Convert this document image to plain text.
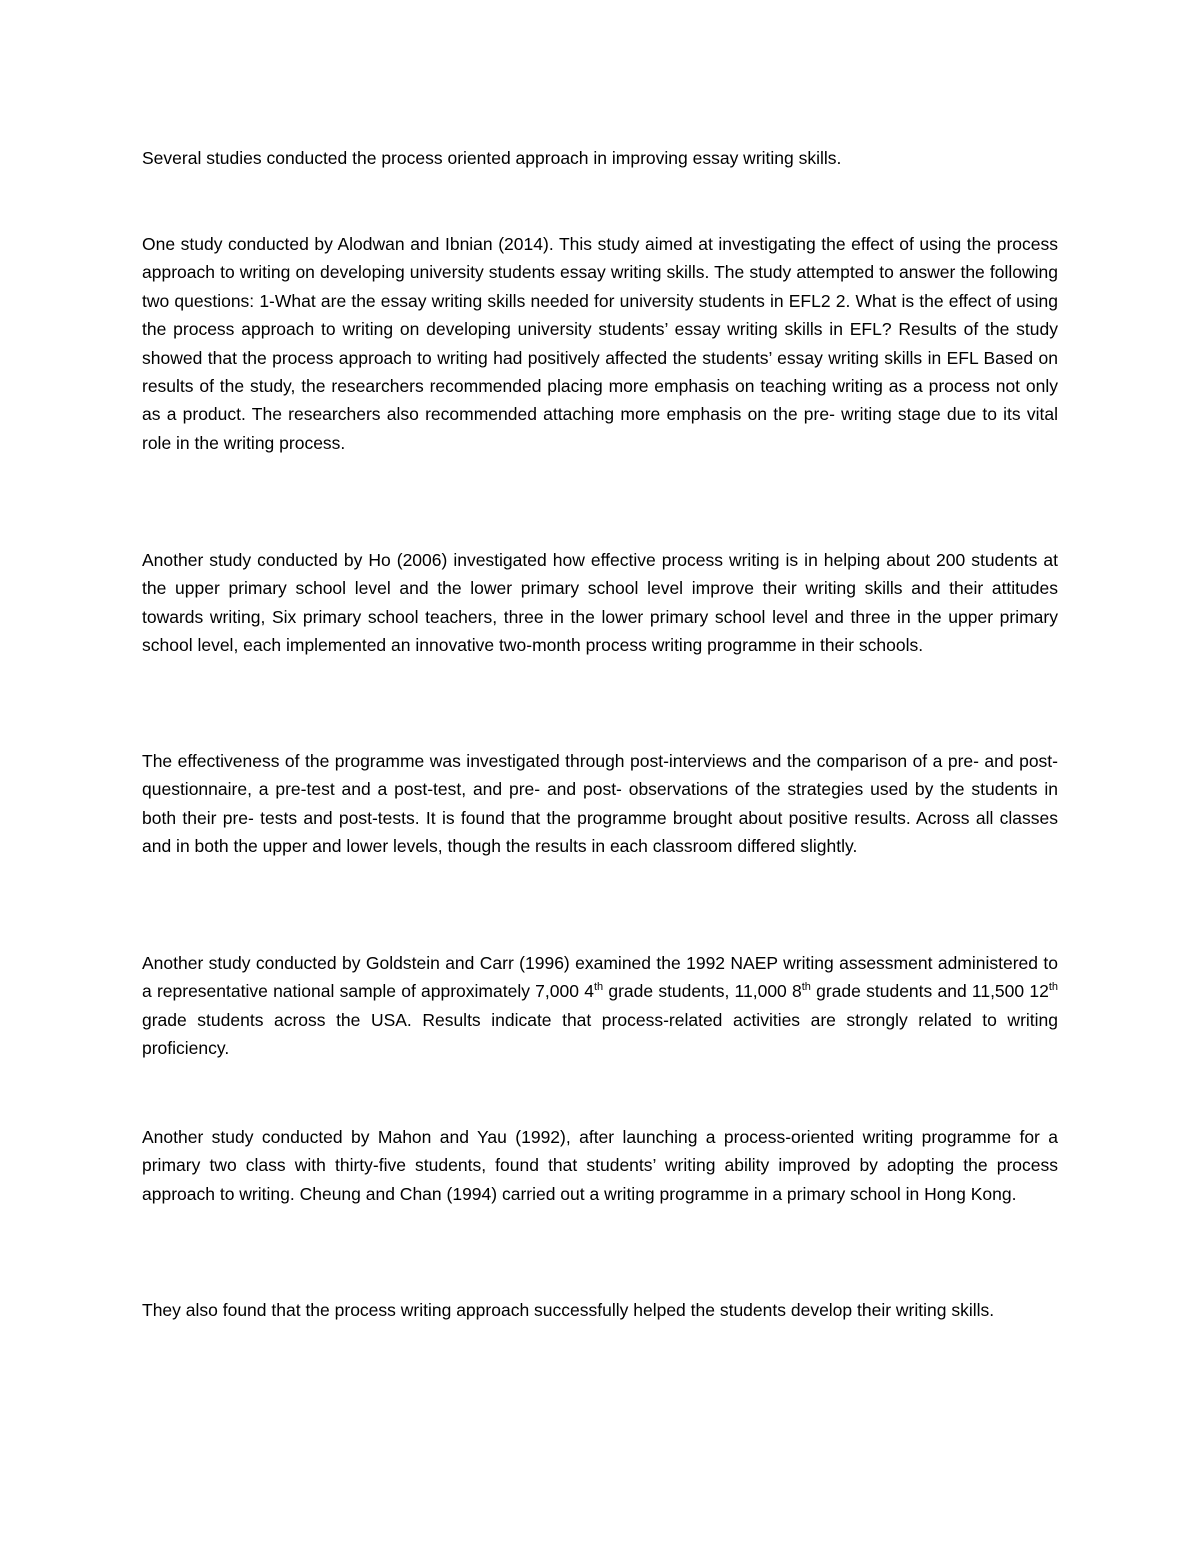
Several studies conducted the process oriented approach in improving essay writing skills.

One study conducted by Alodwan and Ibnian (2014). This study aimed at investigating the effect of using the process approach to writing on developing university students essay writing skills. The study attempted to answer the following two questions: 1-What are the essay writing skills needed for university students in EFL2 2. What is the effect of using the process approach to writing on developing university students’ essay writing skills in EFL? Results of the study showed that the process approach to writing had positively affected the students’ essay writing skills in EFL Based on results of the study, the researchers recommended placing more emphasis on teaching writing as a process not only as a product. The researchers also recommended attaching more emphasis on the pre- writing stage due to its vital role in the writing process.

Another study conducted by Ho (2006) investigated how effective process writing is in helping about 200 students at the upper primary school level and the lower primary school level improve their writing skills and their attitudes towards writing, Six primary school teachers, three in the lower primary school level and three in the upper primary school level, each implemented an innovative two-month process writing programme in their schools.

The effectiveness of the programme was investigated through post-interviews and the comparison of a pre- and post-questionnaire, a pre-test and a post-test, and pre- and post- observations of the strategies used by the students in both their pre- tests and post-tests. It is found that the programme brought about positive results. Across all classes and in both the upper and lower levels, though the results in each classroom differed slightly.

Another study conducted by Goldstein and Carr (1996) examined the 1992 NAEP writing assessment administered to a representative national sample of approximately 7,000 4th grade students, 11,000 8th grade students and 11,500 12th grade students across the USA. Results indicate that process-related activities are strongly related to writing proficiency.

Another study conducted by Mahon and Yau (1992), after launching a process-oriented writing programme for a primary two class with thirty-five students, found that students’ writing ability improved by adopting the process approach to writing. Cheung and Chan (1994) carried out a writing programme in a primary school in Hong Kong.

They also found that the process writing approach successfully helped the students develop their writing skills.
